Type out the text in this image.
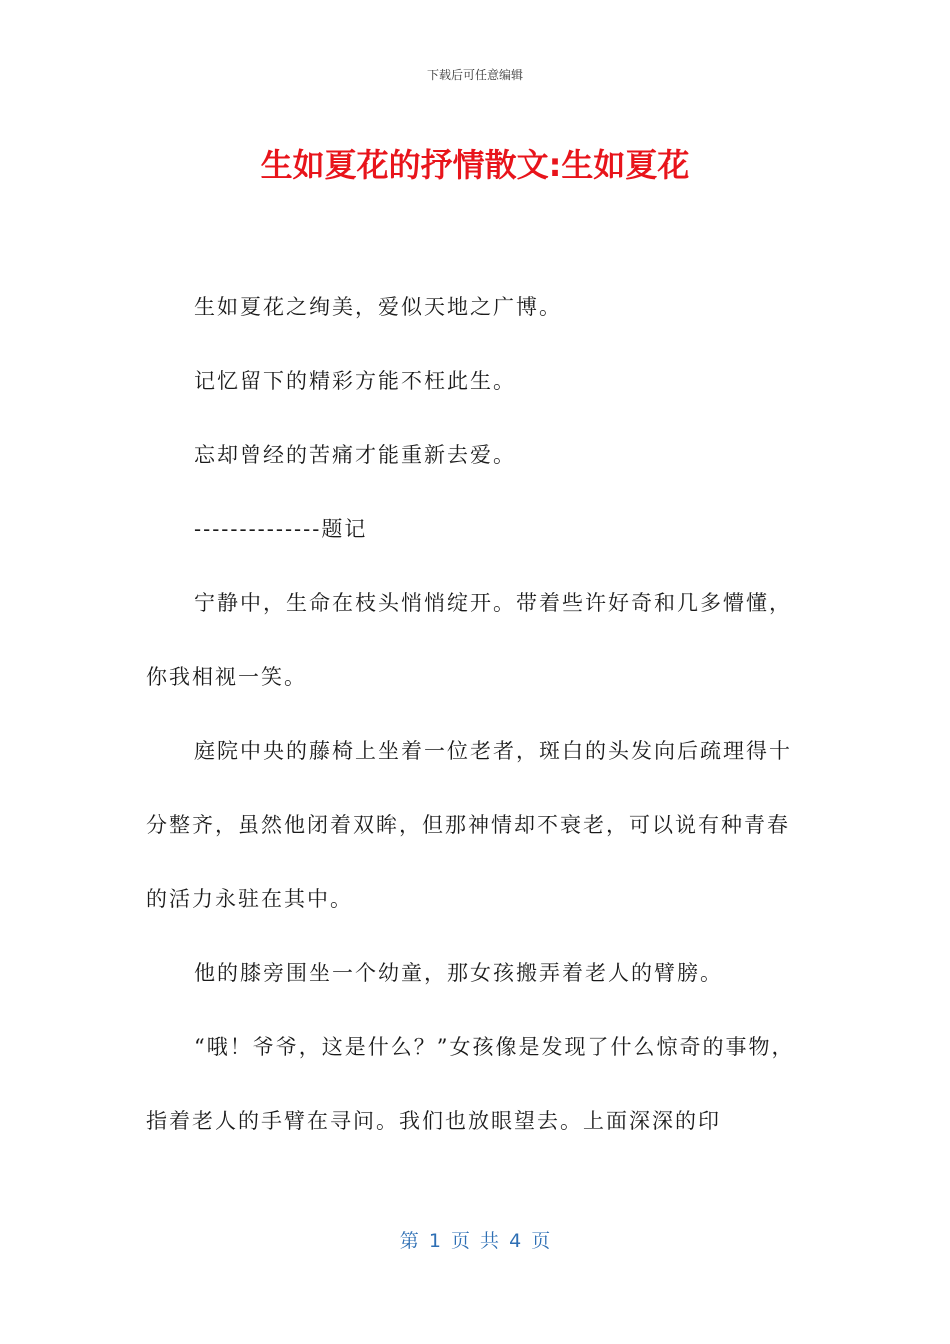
下载后可任意编辑
生如夏花的抒情散文:生如夏花

生如夏花之绚美，爱似天地之广博。

记忆留下的精彩方能不枉此生。

忘却曾经的苦痛才能重新去爱。

--------------题记

宁静中，生命在枝头悄悄绽开。带着些许好奇和几多懵懂，你我相视一笑。

庭院中央的藤椅上坐着一位老者，斑白的头发向后疏理得十分整齐，虽然他闭着双眸，但那神情却不衰老，可以说有种青春的活力永驻在其中。

他的膝旁围坐一个幼童，那女孩搬弄着老人的臂膀。

“哦！爷爷，这是什么？”女孩像是发现了什么惊奇的事物，指着老人的手臂在寻问。我们也放眼望去。上面深深的印

第 1 页 共 4 页
